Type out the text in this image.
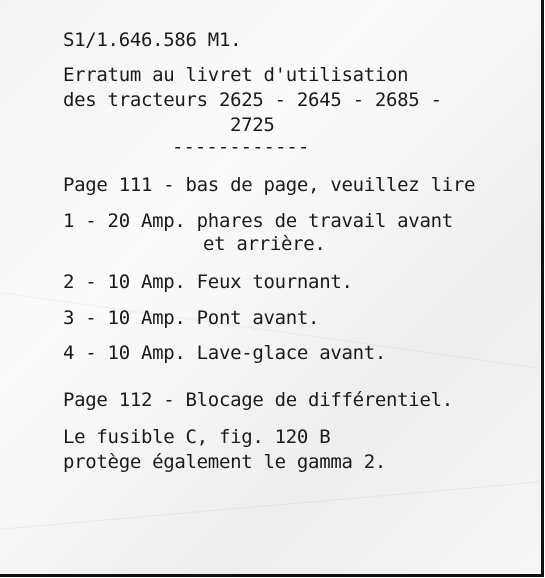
S1/1.646.586 M1.

Erratum au livret d'utilisation

des tracteurs 2625 - 2645 - 2685 -

2725

------------

Page 111 - bas de page, veuillez lire

1 - 20 Amp. phares de travail avant

et arrière.

2 - 10 Amp. Feux tournant.

3 - 10 Amp. Pont avant.

4 - 10 Amp. Lave-glace avant.

Page 112 - Blocage de différentiel.

Le fusible C, fig. 120 B

protège également le gamma 2.
